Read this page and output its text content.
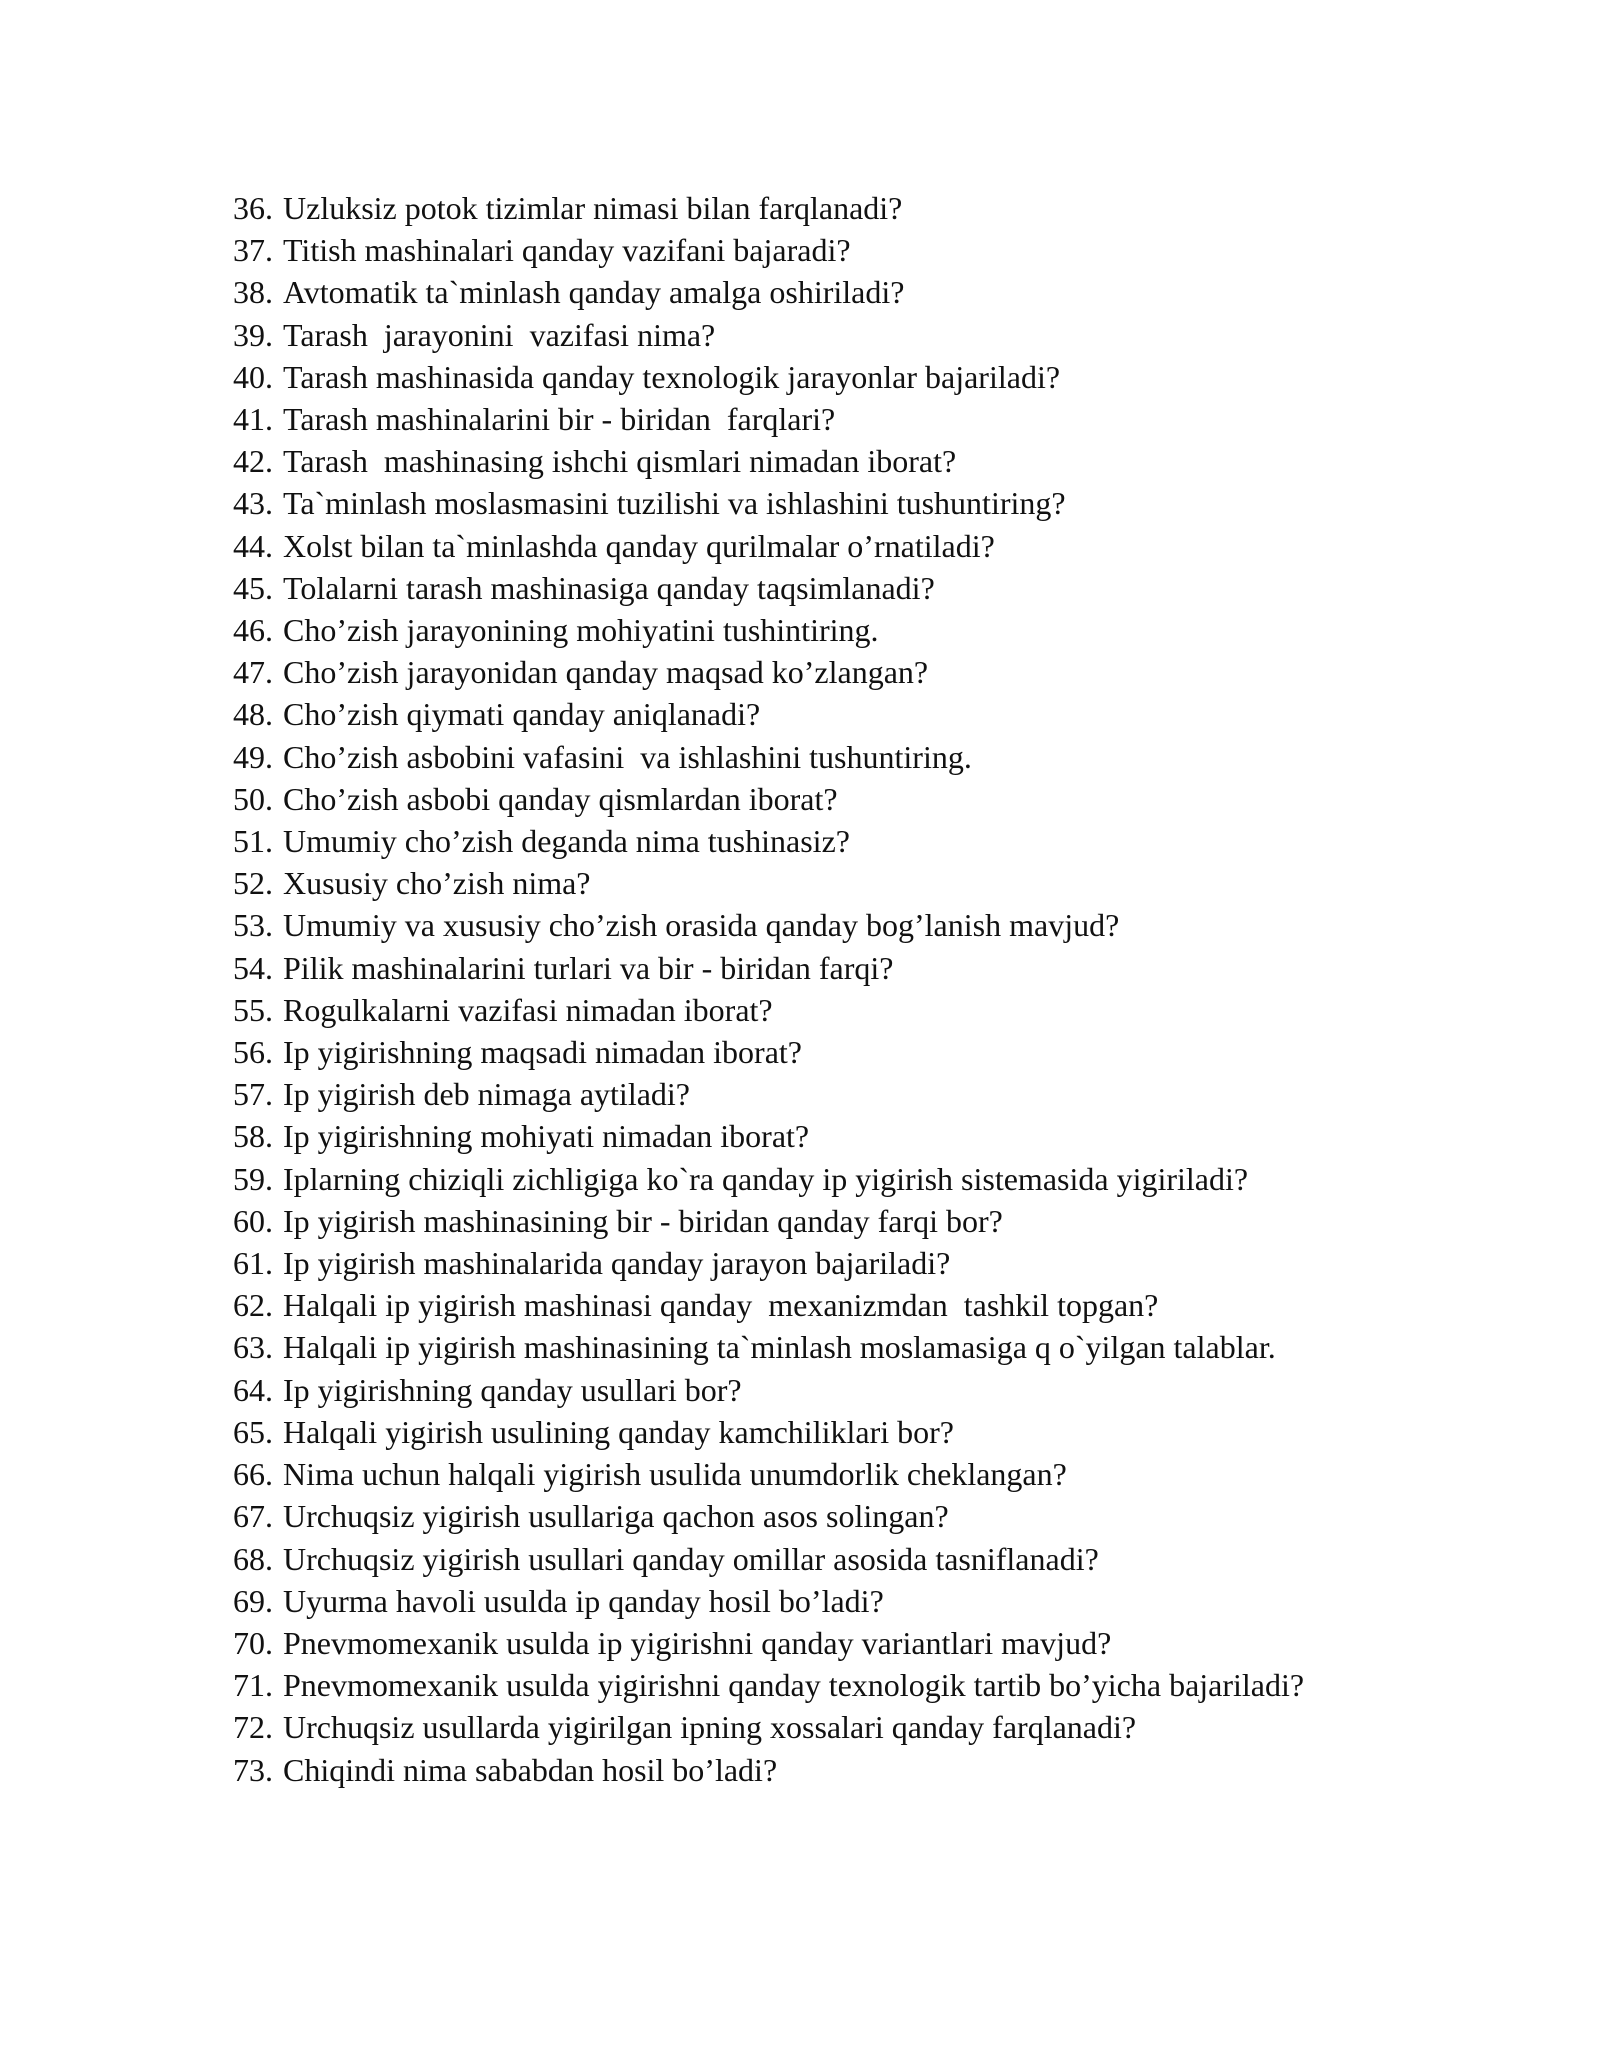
36. Uzluksiz potok tizimlar nimasi bilan farqlanadi?
37. Titish mashinalari qanday vazifani bajaradi?
38. Avtomatik ta`minlash qanday amalga oshiriladi?
39. Tarash  jarayonini  vazifasi nima?
40. Tarash mashinasida qanday texnologik jarayonlar bajariladi?
41. Tarash mashinalarini bir - biridan  farqlari?
42. Tarash  mashinasing ishchi qismlari nimadan iborat?
43. Ta`minlash moslasmasini tuzilishi va ishlashini tushuntiring?
44. Xolst bilan ta`minlashda qanday qurilmalar o’rnatiladi?
45. Tolalarni tarash mashinasiga qanday taqsimlanadi?
46. Cho’zish jarayonining mohiyatini tushintiring.
47. Cho’zish jarayonidan qanday maqsad ko’zlangan?
48. Cho’zish qiymati qanday aniqlanadi?
49. Cho’zish asbobini vafasini  va ishlashini tushuntiring.
50. Cho’zish asbobi qanday qismlardan iborat?
51. Umumiy cho’zish deganda nima tushinasiz?
52. Xususiy cho’zish nima?
53. Umumiy va xususiy cho’zish orasida qanday bog’lanish mavjud?
54. Pilik mashinalarini turlari va bir - biridan farqi?
55. Rogulkalarni vazifasi nimadan iborat?
56. Ip yigirishning maqsadi nimadan iborat?
57. Ip yigirish deb nimaga aytiladi?
58. Ip yigirishning mohiyati nimadan iborat?
59. Iplarning chiziqli zichligiga ko`ra qanday ip yigirish sistemasida yigiriladi?
60. Ip yigirish mashinasining bir - biridan qanday farqi bor?
61. Ip yigirish mashinalarida qanday jarayon bajariladi?
62. Halqali ip yigirish mashinasi qanday  mexanizmdan  tashkil topgan?
63. Halqali ip yigirish mashinasining ta`minlash moslamasiga q o`yilgan talablar.
64. Ip yigirishning qanday usullari bor?
65. Halqali yigirish usulining qanday kamchiliklari bor?
66. Nima uchun halqali yigirish usulida unumdorlik cheklangan?
67. Urchuqsiz yigirish usullariga qachon asos solingan?
68. Urchuqsiz yigirish usullari qanday omillar asosida tasniflanadi?
69. Uyurma havoli usulda ip qanday hosil bo’ladi?
70. Pnevmomexanik usulda ip yigirishni qanday variantlari mavjud?
71. Pnevmomexanik usulda yigirishni qanday texnologik tartib bo’yicha bajariladi?
72. Urchuqsiz usullarda yigirilgan ipning xossalari qanday farqlanadi?
73. Chiqindi nima sababdan hosil bo’ladi?
